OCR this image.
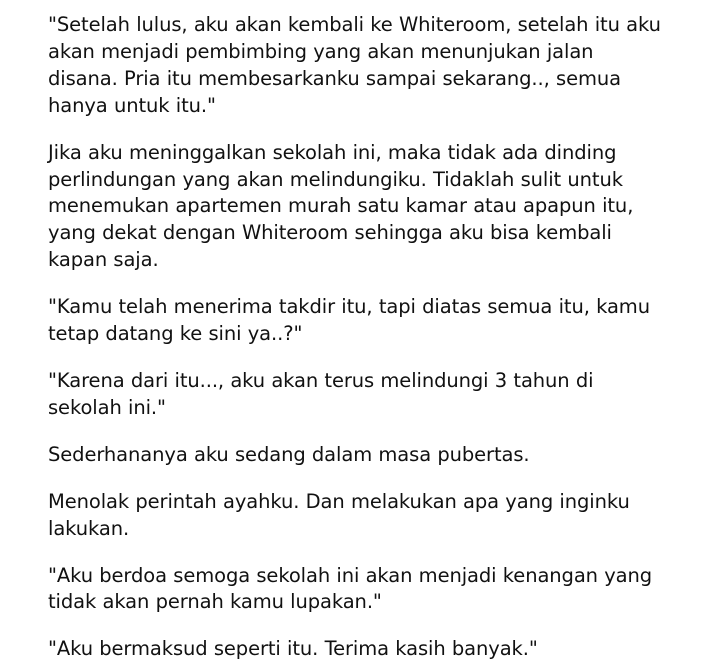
"Setelah lulus, aku akan kembali ke Whiteroom, setelah itu aku akan menjadi pembimbing yang akan menunjukan jalan disana. Pria itu membesarkanku sampai sekarang.., semua hanya untuk itu."

Jika aku meninggalkan sekolah ini, maka tidak ada dinding perlindungan yang akan melindungiku. Tidaklah sulit untuk menemukan apartemen murah satu kamar atau apapun itu, yang dekat dengan Whiteroom sehingga aku bisa kembali kapan saja.

"Kamu telah menerima takdir itu, tapi diatas semua itu, kamu tetap datang ke sini ya..?"

"Karena dari itu..., aku akan terus melindungi 3 tahun di sekolah ini."

Sederhananya aku sedang dalam masa pubertas.

Menolak perintah ayahku. Dan melakukan apa yang inginku lakukan.

"Aku berdoa semoga sekolah ini akan menjadi kenangan yang tidak akan pernah kamu lupakan."

"Aku bermaksud seperti itu. Terima kasih banyak."
